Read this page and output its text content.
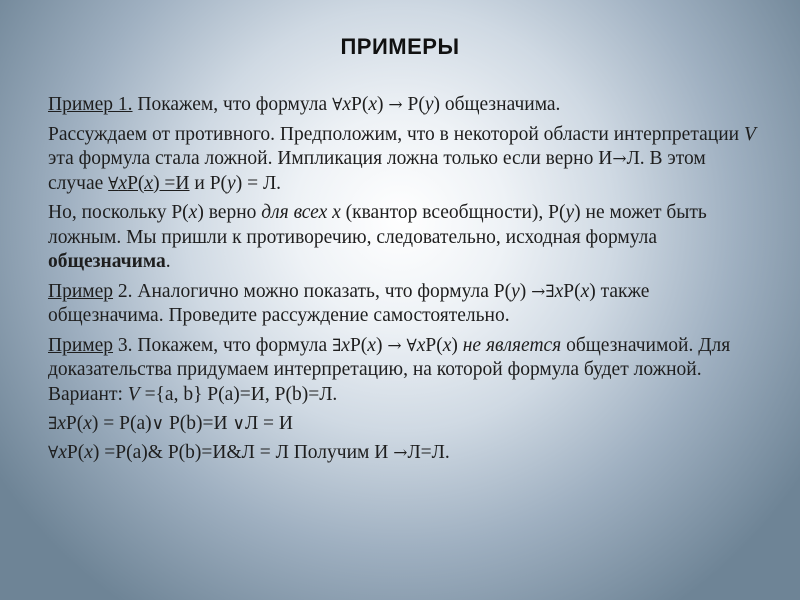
ПРИМЕРЫ
Пример 1. Покажем, что формула ∀xP(x) → P(y) общезначима.
Рассуждаем от противного. Предположим, что в некоторой области интерпретации V эта формула стала ложной. Импликация ложна только если верно И→Л. В этом случае ∀xP(x) =И и P(y) = Л.
Но, поскольку P(x) верно для всех x (квантор всеобщности), P(y) не может быть ложным. Мы пришли к противоречию, следовательно, исходная формула общезначима.
Пример 2. Аналогично можно показать, что формула P(y) →∃xP(x) также общезначима. Проведите рассуждение самостоятельно.
Пример 3. Покажем, что формула ∃xP(x) → ∀xP(x) не является общезначимой. Для доказательства придумаем интерпретацию, на которой формула будет ложной. Вариант: V ={a, b} P(a)=И, P(b)=Л.
∃xP(x) = P(a)∨ P(b)=И ∨Л = И
∀xP(x) =P(a)& P(b)=И&Л = Л Получим И →Л=Л.
